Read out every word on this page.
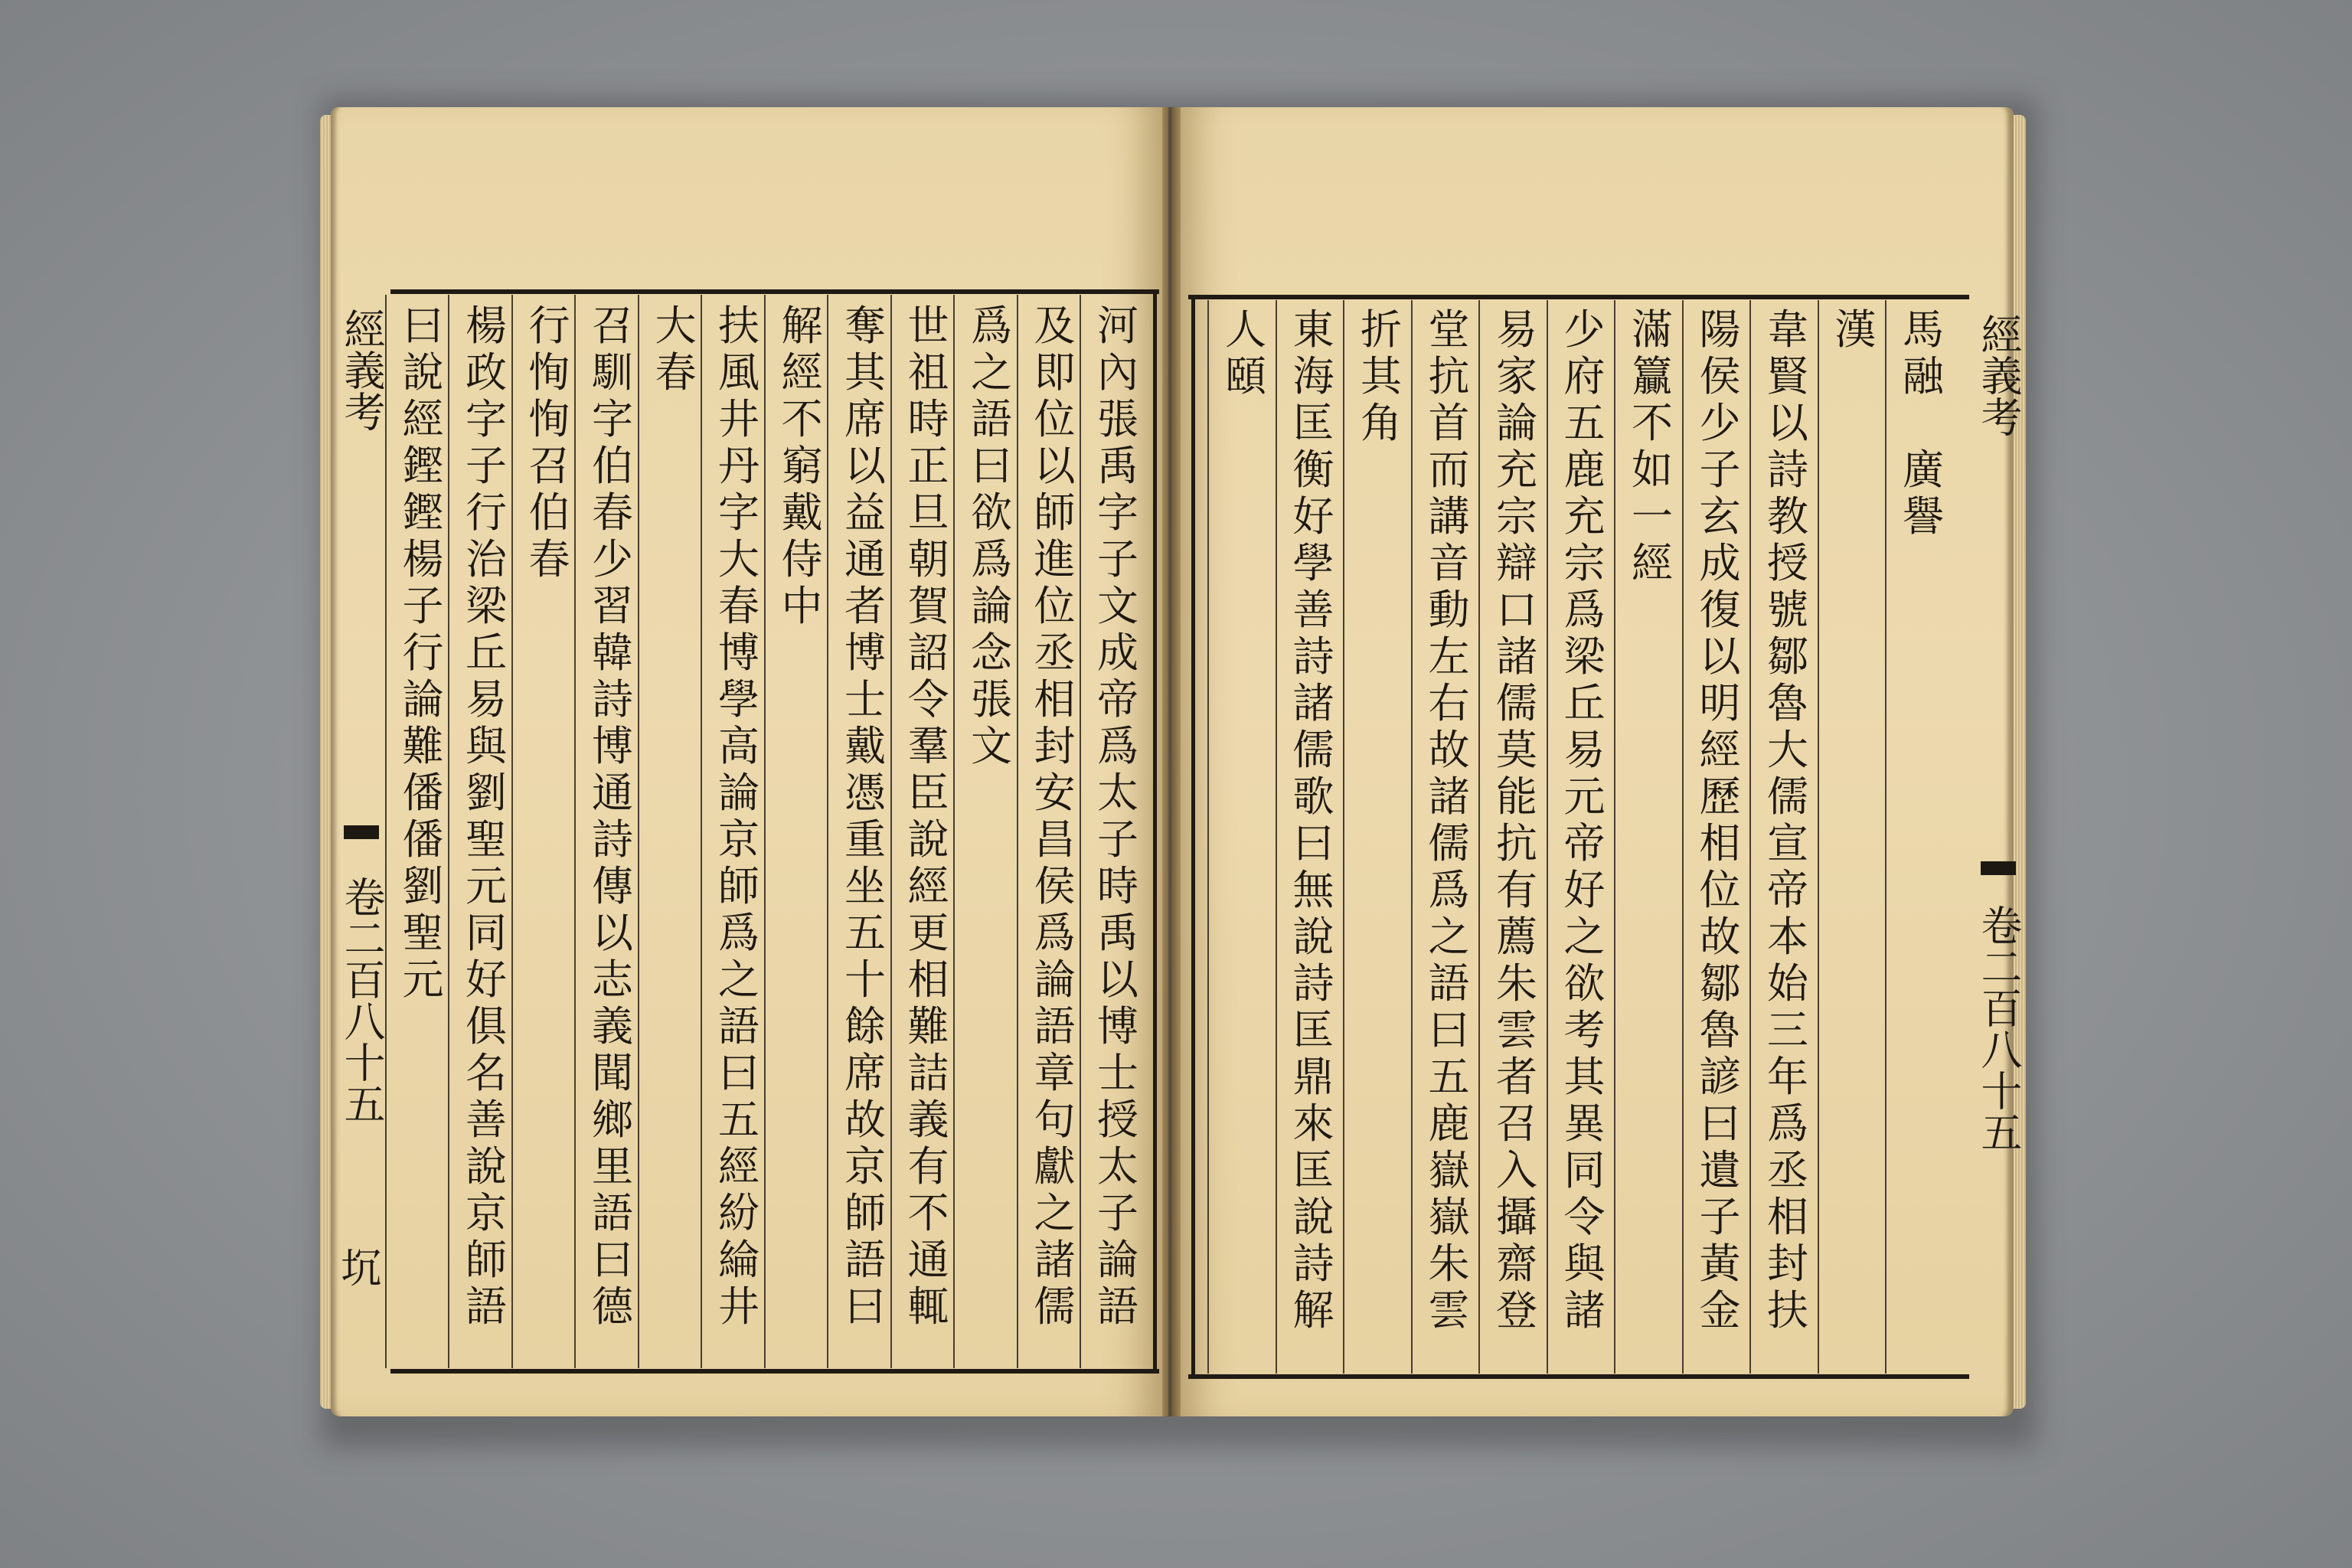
馬
融

廣
譽
漢
韋
賢
以
詩
教
授
號
鄒
魯
大
儒
宣
帝
本
始
三
年
爲
丞
相
封
扶
陽
侯
少
子
玄
成
復
以
明
經
歷
相
位
故
鄒
魯
諺
曰
遺
子
黃
金
滿
籯
不
如
一
經
少
府
五
鹿
充
宗
爲
梁
丘
易
元
帝
好
之
欲
考
其
異
同
令
與
諸
易
家
論
充
宗
辯
口
諸
儒
莫
能
抗
有
薦
朱
雲
者
召
入
攝
齋
登
堂
抗
首
而
講
音
動
左
右
故
諸
儒
爲
之
語
曰
五
鹿
嶽
嶽
朱
雲
折
其
角
東
海
匡
衡
好
學
善
詩
諸
儒
歌
曰
無
說
詩
匡
鼎
來
匡
說
詩
解
人
頤	經義考
卷二百八十五
河
內
張
禹
字
子
文
成
帝
爲
太
子
時
禹
以
博
士
授
太
子
論
語
及
即
位
以
師
進
位
丞
相
封
安
昌
侯
爲
論
語
章
句
獻
之
諸
儒
爲
之
語
曰
欲
爲
論
念
張
文
世
祖
時
正
旦
朝
賀
詔
令
羣
臣
說
經
更
相
難
詰
義
有
不
通
輒
奪
其
席
以
益
通
者
博
士
戴
憑
重
坐
五
十
餘
席
故
京
師
語
曰
解
經
不
窮
戴
侍
中
扶
風
井
丹
字
大
春
博
學
高
論
京
師
爲
之
語
曰
五
經
紛
綸
井
大
春
召
馴
字
伯
春
少
習
韓
詩
博
通
詩
傳
以
志
義
聞
鄉
里
語
曰
德
行
恂
恂
召
伯
春
楊
政
字
子
行
治
梁
丘
易
與
劉
聖
元
同
好
俱
名
善
說
京
師
語
曰
說
經
鏗
鏗
楊
子
行
論
難
僠
僠
劉
聖
元
經義考
卷二百八十五
坈
